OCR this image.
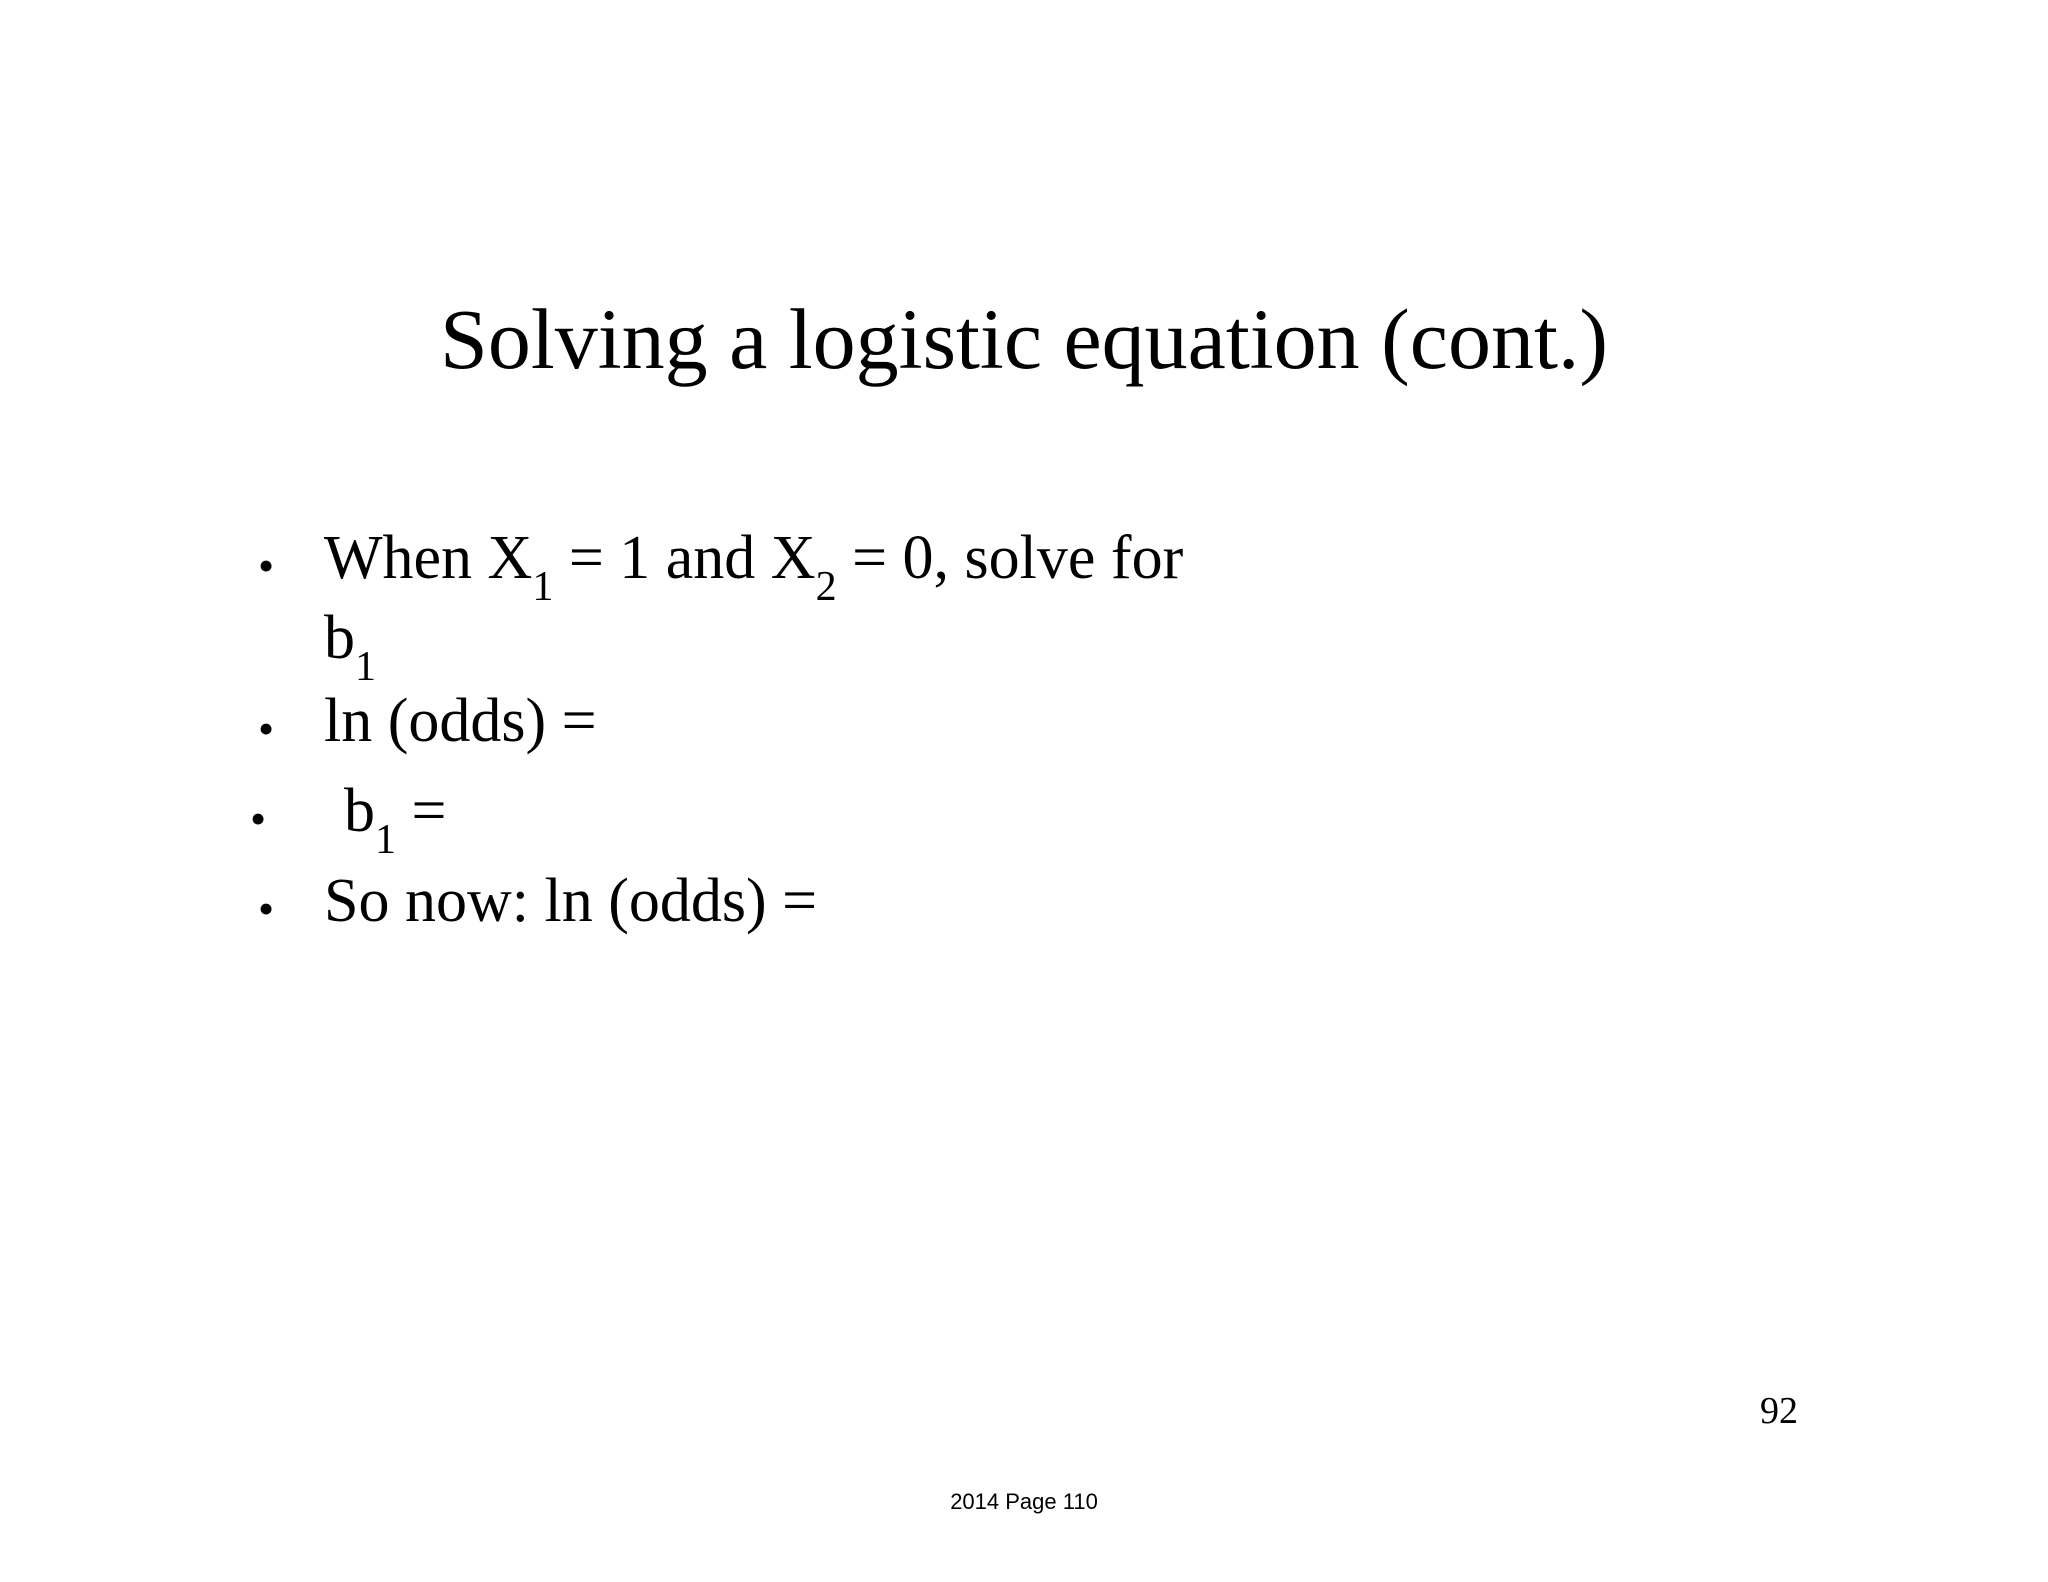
Solving a logistic equation (cont.)
• When $X_1 = 1$ and $X_2 = 0$, solve for
$b_1$
• ln (odds) =
• $b_1$ =
• So now: ln (odds) =
92
2014 Page 110
